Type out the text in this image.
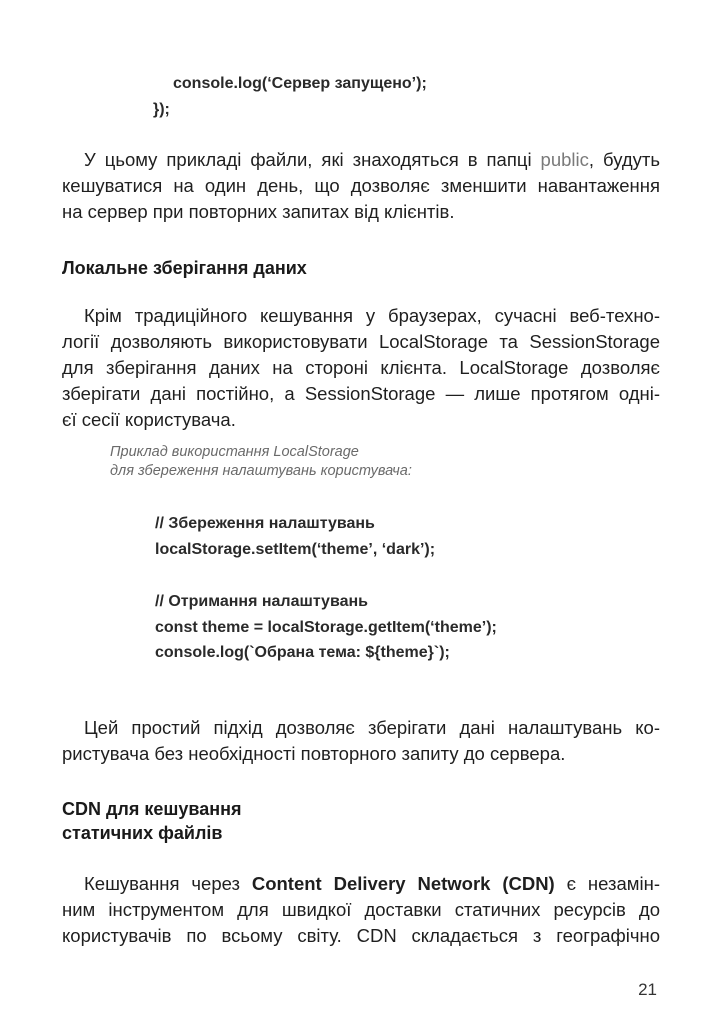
console.log(‘Сервер запущено’);
});
У цьому прикладі файли, які знаходяться в папці public, будуть
кешуватися на один день, що дозволяє зменшити навантаження
на сервер при повторних запитах від клієнтів.
Локальне зберігання даних
Крім традиційного кешування у браузерах, сучасні веб-техно-
логії дозволяють використовувати LocalStorage та SessionStorage
для зберігання даних на стороні клієнта. LocalStorage дозволяє
зберігати дані постійно, а SessionStorage — лише протягом одні-
єї сесії користувача.
Приклад використання LocalStorage
для збереження налаштувань користувача:
// Збереження налаштувань
localStorage.setItem(‘theme’, ‘dark’);
// Отримання налаштувань
const theme = localStorage.getItem(‘theme’);
console.log(`Обрана тема: ${theme}`);
Цей простий підхід дозволяє зберігати дані налаштувань ко-
ристувача без необхідності повторного запиту до сервера.
CDN для кешування
статичних файлів
Кешування через Content Delivery Network (CDN) є незамін-
ним інструментом для швидкої доставки статичних ресурсів до
користувачів по всьому світу. CDN складається з географічно
21
